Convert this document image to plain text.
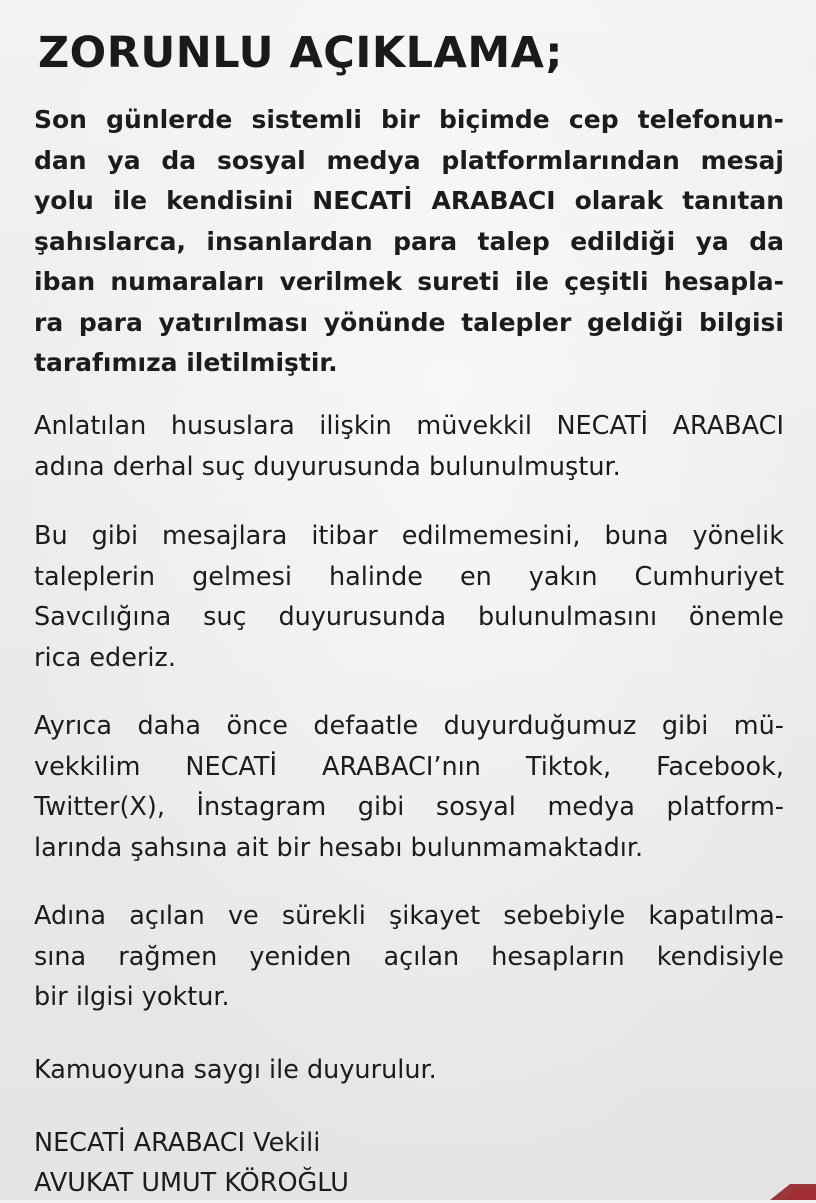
ZORUNLU AÇIKLAMA;

Son günlerde sistemli bir biçimde cep telefonun-
dan ya da sosyal medya platformlarından mesaj
yolu ile kendisini NECATİ ARABACI olarak tanıtan
şahıslarca, insanlardan para talep edildiği ya da
iban numaraları verilmek sureti ile çeşitli hesapla-
ra para yatırılması yönünde talepler geldiği bilgisi
tarafımıza iletilmiştir.

Anlatılan hususlara ilişkin müvekkil NECATİ ARABACI
adına derhal suç duyurusunda bulunulmuştur.

Bu gibi mesajlara itibar edilmemesini, buna yönelik
taleplerin gelmesi halinde en yakın Cumhuriyet
Savcılığına suç duyurusunda bulunulmasını önemle
rica ederiz.

Ayrıca daha önce defaatle duyurduğumuz gibi mü-
vekkilim NECATİ ARABACI’nın Tiktok, Facebook,
Twitter(X), İnstagram gibi sosyal medya platform-
larında şahsına ait bir hesabı bulunmamaktadır.

Adına açılan ve sürekli şikayet sebebiyle kapatılma-
sına rağmen yeniden açılan hesapların kendisiyle
bir ilgisi yoktur.

Kamuoyuna saygı ile duyurulur.

NECATİ ARABACI Vekili
AVUKAT UMUT KÖROĞLU
